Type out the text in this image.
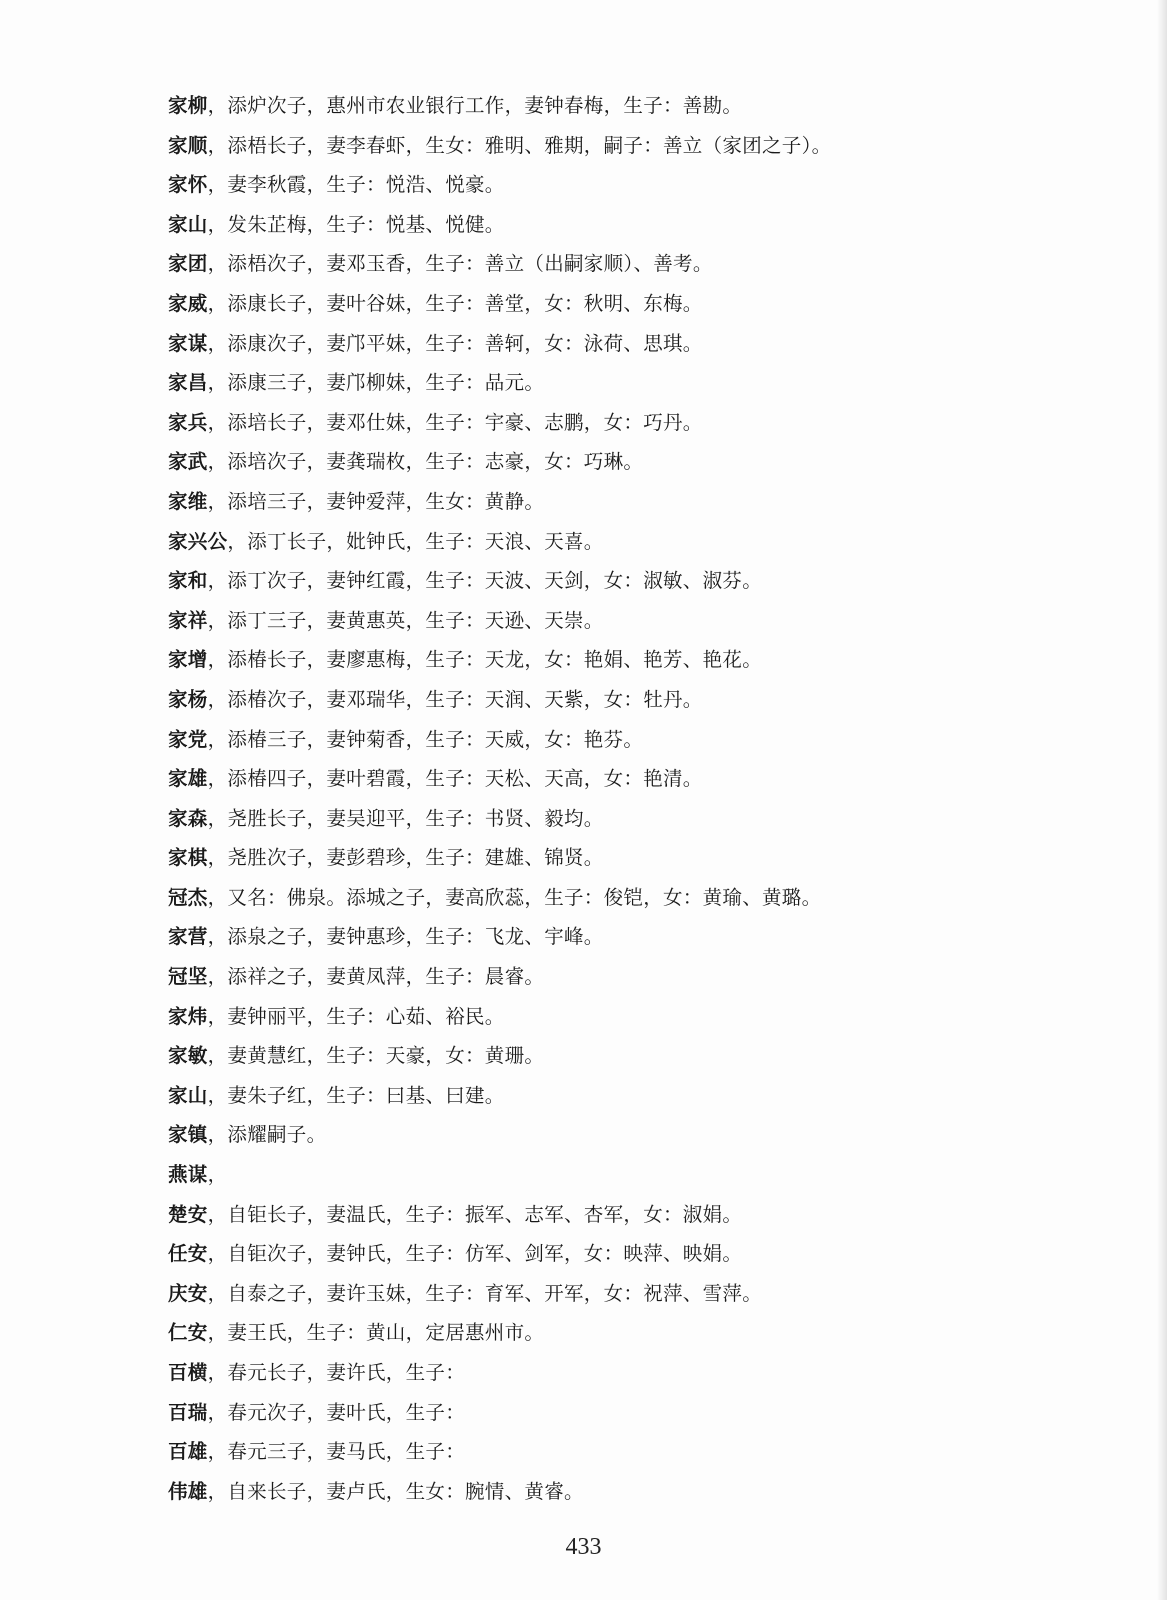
家柳，添炉次子，惠州市农业银行工作，妻钟春梅，生子：善勘。
家顺，添梧长子，妻李春虾，生女：雅明、雅期，嗣子：善立（家团之子）。
家怀，妻李秋霞，生子：悦浩、悦豪。
家山，发朱芷梅，生子：悦基、悦健。
家团，添梧次子，妻邓玉香，生子：善立（出嗣家顺）、善考。
家威，添康长子，妻叶谷妹，生子：善堂，女：秋明、东梅。
家谋，添康次子，妻邝平妹，生子：善轲，女：泳荷、思琪。
家昌，添康三子，妻邝柳妹，生子：品元。
家兵，添培长子，妻邓仕妹，生子：宇豪、志鹏，女：巧丹。
家武，添培次子，妻龚瑞枚，生子：志豪，女：巧琳。
家维，添培三子，妻钟爱萍，生女：黄静。
家兴公，添丁长子，妣钟氏，生子：天浪、天喜。
家和，添丁次子，妻钟红霞，生子：天波、天剑，女：淑敏、淑芬。
家祥，添丁三子，妻黄惠英，生子：天逊、天崇。
家增，添椿长子，妻廖惠梅，生子：天龙，女：艳娟、艳芳、艳花。
家杨，添椿次子，妻邓瑞华，生子：天润、天紫，女：牡丹。
家党，添椿三子，妻钟菊香，生子：天威，女：艳芬。
家雄，添椿四子，妻叶碧霞，生子：天松、天高，女：艳清。
家森，尧胜长子，妻吴迎平，生子：书贤、毅均。
家棋，尧胜次子，妻彭碧珍，生子：建雄、锦贤。
冠杰，又名：佛泉。添城之子，妻高欣蕊，生子：俊铠，女：黄瑜、黄璐。
家营，添泉之子，妻钟惠珍，生子：飞龙、宇峰。
冠坚，添祥之子，妻黄凤萍，生子：晨睿。
家炜，妻钟丽平，生子：心茹、裕民。
家敏，妻黄慧红，生子：天豪，女：黄珊。
家山，妻朱子红，生子：曰基、曰建。
家镇，添耀嗣子。
燕谋，
楚安，自钜长子，妻温氏，生子：振军、志军、杏军，女：淑娟。
任安，自钜次子，妻钟氏，生子：仿军、剑军，女：映萍、映娟。
庆安，自泰之子，妻许玉妹，生子：育军、开军，女：祝萍、雪萍。
仁安，妻王氏，生子：黄山，定居惠州市。
百横，春元长子，妻许氏，生子：
百瑞，春元次子，妻叶氏，生子：
百雄，春元三子，妻马氏，生子：
伟雄，自来长子，妻卢氏，生女：腕情、黄睿。
433
